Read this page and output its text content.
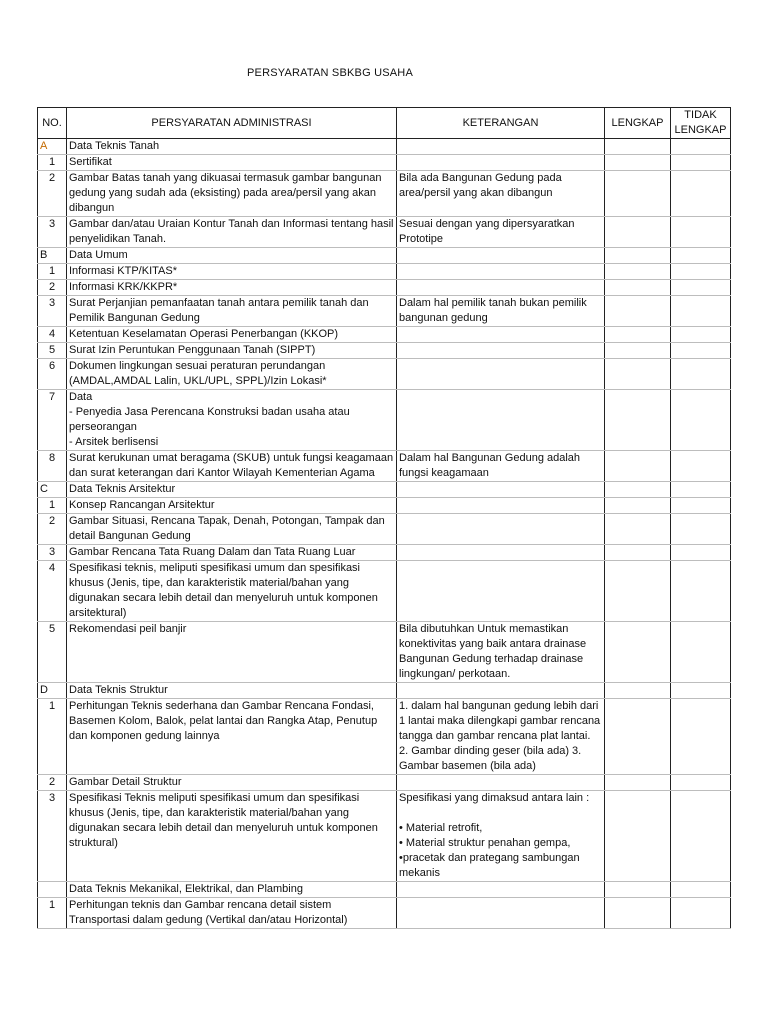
PERSYARATAN SBKBG USAHA
NO.	PERSYARATAN ADMINISTRASI	KETERANGAN	LENGKAP	TIDAK LENGKAP
A	Data Teknis Tanah			
1	Sertifikat			
2	Gambar Batas tanah yang dikuasai termasuk gambar bangunan gedung yang sudah ada (eksisting) pada area/persil yang akan dibangun	Bila ada Bangunan Gedung pada area/persil yang akan dibangun		
3	Gambar dan/atau Uraian Kontur Tanah dan Informasi tentang hasil penyelidikan Tanah.	Sesuai dengan yang dipersyaratkan Prototipe		
B	Data Umum			
1	Informasi KTP/KITAS*			
2	Informasi KRK/KKPR*			
3	Surat Perjanjian pemanfaatan tanah antara pemilik tanah dan Pemilik Bangunan Gedung	Dalam hal pemilik tanah bukan pemilik bangunan gedung		
4	Ketentuan Keselamatan Operasi Penerbangan (KKOP)			
5	Surat Izin Peruntukan Penggunaan Tanah (SIPPT)			
6	Dokumen lingkungan sesuai peraturan perundangan (AMDAL,AMDAL Lalin, UKL/UPL, SPPL)/Izin Lokasi*			
7	Data
- Penyedia Jasa Perencana Konstruksi badan usaha atau perseorangan
- Arsitek berlisensi			
8	Surat kerukunan umat beragama (SKUB) untuk fungsi keagamaan dan surat keterangan dari Kantor Wilayah Kementerian Agama	Dalam hal Bangunan Gedung adalah fungsi keagamaan		
C	Data Teknis Arsitektur			
1	Konsep Rancangan Arsitektur			
2	Gambar Situasi, Rencana Tapak, Denah, Potongan, Tampak dan detail Bangunan Gedung			
3	Gambar Rencana Tata Ruang Dalam dan Tata Ruang Luar			
4	Spesifikasi teknis, meliputi spesifikasi umum dan spesifikasi khusus (Jenis, tipe, dan karakteristik material/bahan yang digunakan secara lebih detail dan menyeluruh untuk komponen arsitektural)			
5	Rekomendasi peil banjir	Bila dibutuhkan Untuk memastikan konektivitas yang baik antara drainase Bangunan Gedung terhadap drainase lingkungan/ perkotaan.		
D	Data Teknis Struktur			
1	Perhitungan Teknis sederhana dan Gambar Rencana Fondasi, Basemen Kolom, Balok, pelat lantai dan Rangka Atap, Penutup dan komponen gedung lainnya	1. dalam hal bangunan gedung lebih dari 1 lantai maka dilengkapi gambar rencana tangga dan gambar rencana plat lantai. 2. Gambar dinding geser (bila ada) 3. Gambar basemen (bila ada)		
2	Gambar Detail Struktur			
3	Spesifikasi Teknis meliputi spesifikasi umum dan spesifikasi khusus (Jenis, tipe, dan karakteristik material/bahan yang digunakan secara lebih detail dan menyeluruh untuk komponen struktural)	Spesifikasi yang dimaksud antara lain :

• Material retrofit,
• Material struktur penahan gempa,
•pracetak dan prategang sambungan mekanis		
	Data Teknis Mekanikal, Elektrikal, dan Plambing			
1	Perhitungan teknis dan Gambar rencana detail sistem Transportasi dalam gedung (Vertikal dan/atau Horizontal)			
